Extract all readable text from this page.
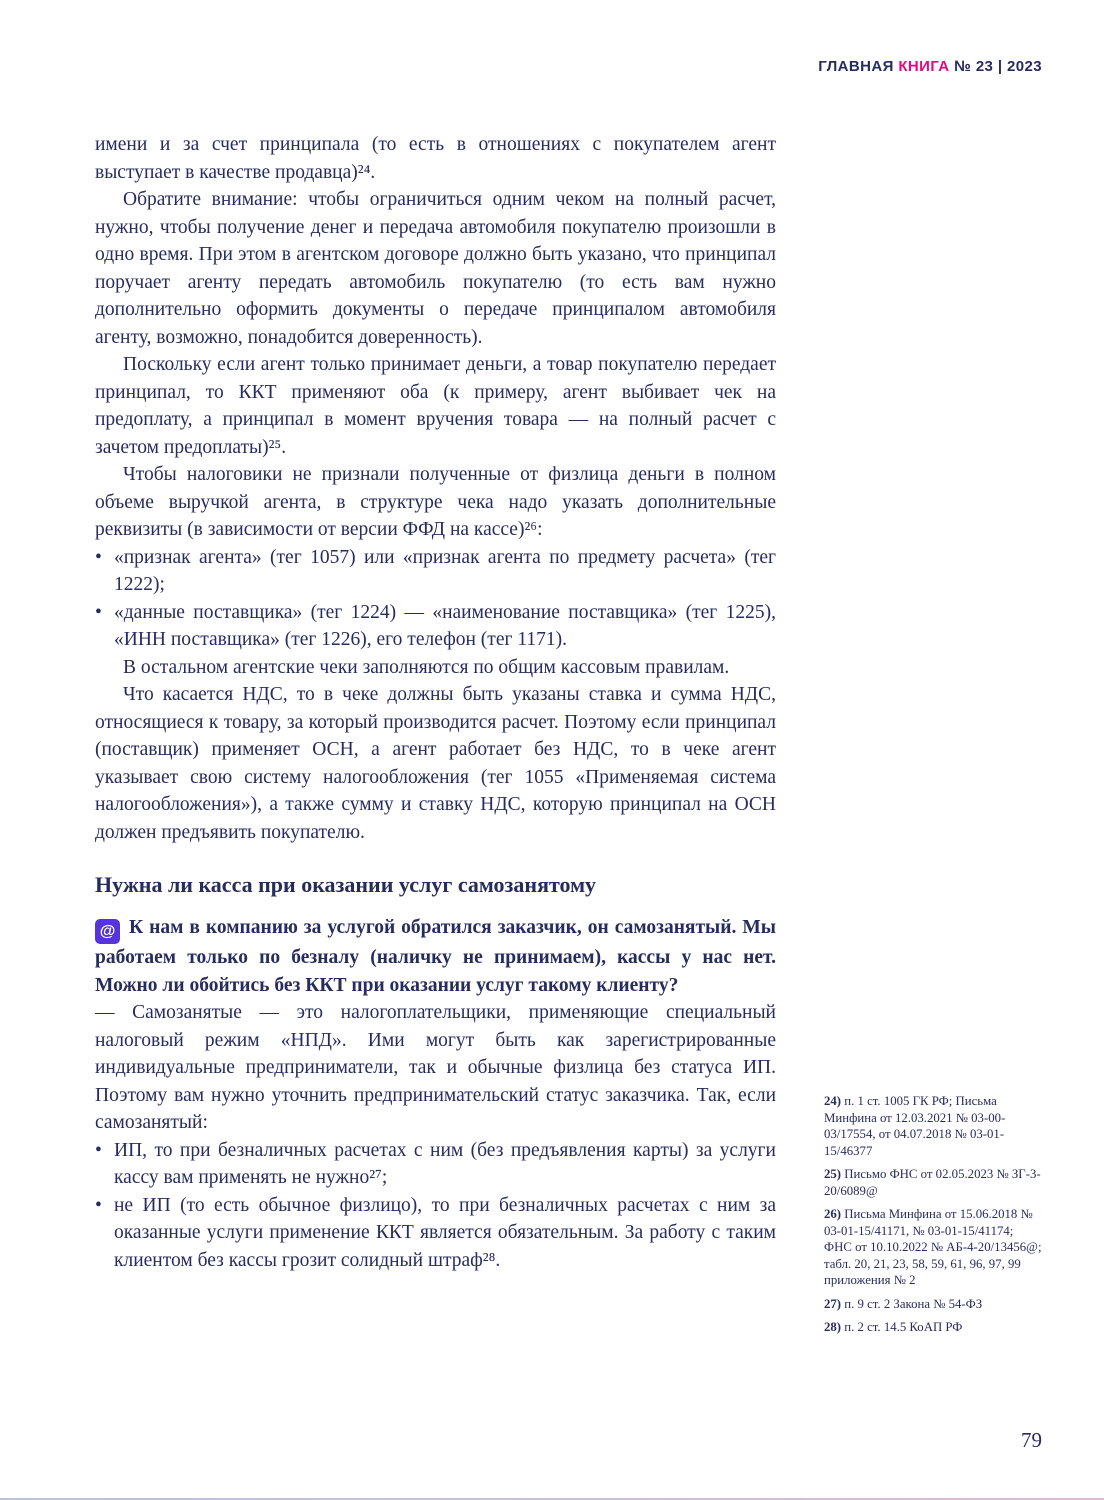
ГЛАВНАЯ КНИГА № 23 | 2023

имени и за счет принципала (то есть в отношениях с покупателем агент выступает в качестве продавца)²⁴.

Обратите внимание: чтобы ограничиться одним чеком на полный расчет, нужно, чтобы получение денег и передача автомобиля покупателю произошли в одно время. При этом в агентском договоре должно быть указано, что принципал поручает агенту передать автомобиль покупателю (то есть вам нужно дополнительно оформить документы о передаче принципалом автомобиля агенту, возможно, понадобится доверенность).

Поскольку если агент только принимает деньги, а товар покупателю передает принципал, то ККТ применяют оба (к примеру, агент выбивает чек на предоплату, а принципал в момент вручения товара — на полный расчет с зачетом предоплаты)²⁵.

Чтобы налоговики не признали полученные от физлица деньги в полном объеме выручкой агента, в структуре чека надо указать дополнительные реквизиты (в зависимости от версии ФФД на кассе)²⁶:

• «признак агента» (тег 1057) или «признак агента по предмету расчета» (тег 1222);

• «данные поставщика» (тег 1224) — «наименование поставщика» (тег 1225), «ИНН поставщика» (тег 1226), его телефон (тег 1171).

В остальном агентские чеки заполняются по общим кассовым правилам.

Что касается НДС, то в чеке должны быть указаны ставка и сумма НДС, относящиеся к товару, за который производится расчет. Поэтому если принципал (поставщик) применяет ОСН, а агент работает без НДС, то в чеке агент указывает свою систему налогообложения (тег 1055 «Применяемая система налогообложения»), а также сумму и ставку НДС, которую принципал на ОСН должен предъявить покупателю.

Нужна ли касса при оказании услуг самозанятому

@ К нам в компанию за услугой обратился заказчик, он самозанятый. Мы работаем только по безналу (наличку не принимаем), кассы у нас нет. Можно ли обойтись без ККТ при оказании услуг такому клиенту?

— Самозанятые — это налогоплательщики, применяющие специальный налоговый режим «НПД». Ими могут быть как зарегистрированные индивидуальные предприниматели, так и обычные физлица без статуса ИП. Поэтому вам нужно уточнить предпринимательский статус заказчика. Так, если самозанятый:

• ИП, то при безналичных расчетах с ним (без предъявления карты) за услуги кассу вам применять не нужно²⁷;

• не ИП (то есть обычное физлицо), то при безналичных расчетах с ним за оказанные услуги применение ККТ является обязательным. За работу с таким клиентом без кассы грозит солидный штраф²⁸.

24) п. 1 ст. 1005 ГК РФ; Письма Минфина от 12.03.2021 № 03-00-03/17554, от 04.07.2018 № 03-01-15/46377

25) Письмо ФНС от 02.05.2023 № ЗГ-3-20/6089@

26) Письма Минфина от 15.06.2018 № 03-01-15/41171, № 03-01-15/41174; ФНС от 10.10.2022 № АБ-4-20/13456@; табл. 20, 21, 23, 58, 59, 61, 96, 97, 99 приложения № 2

27) п. 9 ст. 2 Закона № 54-ФЗ

28) п. 2 ст. 14.5 КоАП РФ

79
